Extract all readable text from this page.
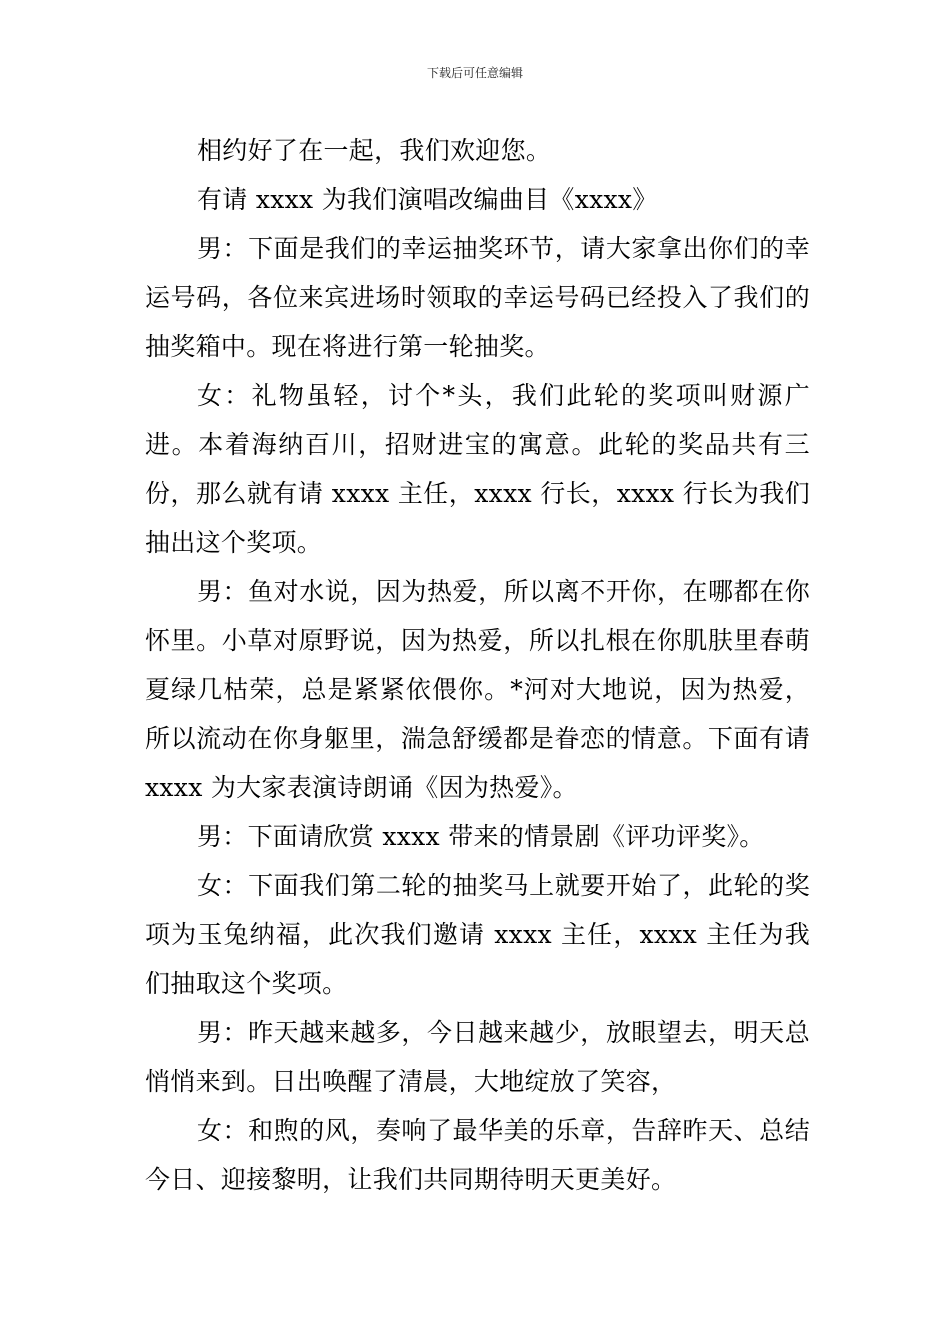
下载后可任意编辑

相约好了在一起，我们欢迎您。

有请 xxxx 为我们演唱改编曲目《xxxx》

男：下面是我们的幸运抽奖环节，请大家拿出你们的幸运号码，各位来宾进场时领取的幸运号码已经投入了我们的抽奖箱中。现在将进行第一轮抽奖。

女：礼物虽轻，讨个*头，我们此轮的奖项叫财源广进。本着海纳百川，招财进宝的寓意。此轮的奖品共有三份，那么就有请 xxxx 主任，xxxx 行长，xxxx 行长为我们抽出这个奖项。

男：鱼对水说，因为热爱，所以离不开你，在哪都在你怀里。小草对原野说，因为热爱，所以扎根在你肌肤里春萌夏绿几枯荣，总是紧紧依偎你。*河对大地说，因为热爱，所以流动在你身躯里，湍急舒缓都是眷恋的情意。下面有请 xxxx 为大家表演诗朗诵《因为热爱》。

男：下面请欣赏 xxxx 带来的情景剧《评功评奖》。

女：下面我们第二轮的抽奖马上就要开始了，此轮的奖项为玉兔纳福，此次我们邀请 xxxx 主任，xxxx 主任为我们抽取这个奖项。

男：昨天越来越多，今日越来越少，放眼望去，明天总悄悄来到。日出唤醒了清晨，大地绽放了笑容，

女：和煦的风，奏响了最华美的乐章，告辞昨天、总结今日、迎接黎明，让我们共同期待明天更美好。
